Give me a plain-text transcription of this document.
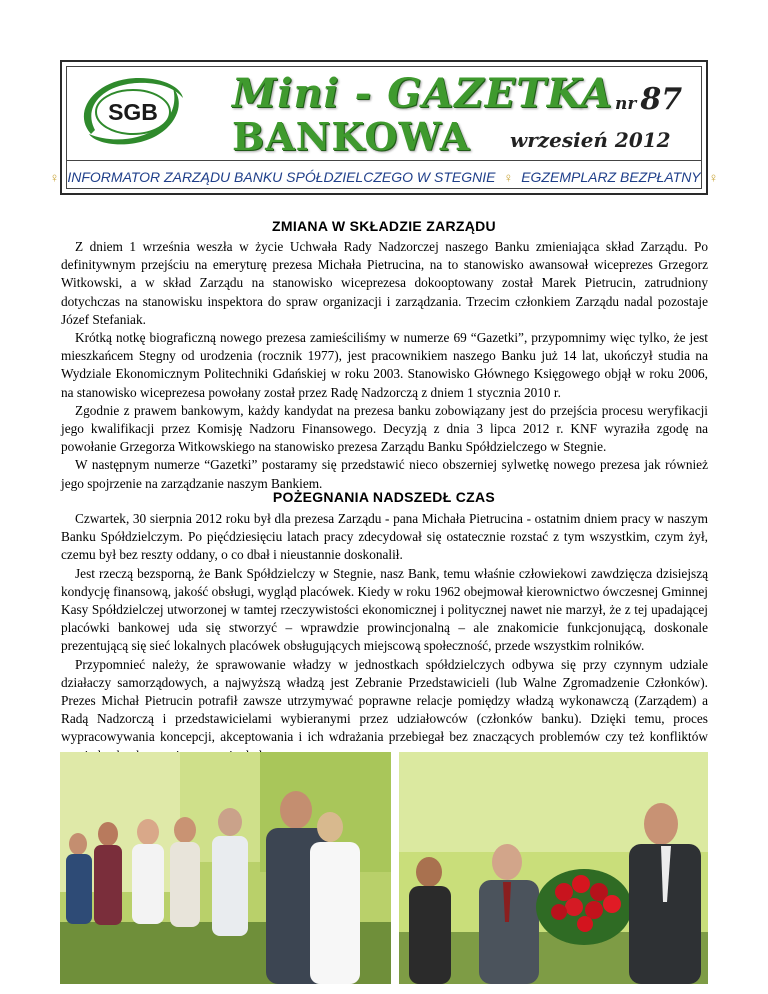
SGB Mini - GAZETKA
BANKOWA
nr 87
wrzesień 2012
♀ INFORMATOR ZARZĄDU BANKU SPÓŁDZIELCZEGO W STEGNIE ♀ EGZEMPLARZ BEZPŁATNY ♀
ZMIANA W SKŁADZIE ZARZĄDU

Z dniem 1 września weszła w życie Uchwała Rady Nadzorczej naszego Banku zmieniająca skład Zarządu. Po definitywnym przejściu na emeryturę prezesa Michała Pietrucina, na to stanowisko awansował wiceprezes Grzegorz Witkowski, a w skład Zarządu na stanowisko wiceprezesa dokooptowany został Marek Pietrucin, zatrudniony dotychczas na stanowisku inspektora do spraw organizacji i zarządzania. Trzecim członkiem Zarządu nadal pozostaje Józef Stefaniak.

Krótką notkę biograficzną nowego prezesa zamieściliśmy w numerze 69 “Gazetki”, przypomnimy więc tylko, że jest mieszkańcem Stegny od urodzenia (rocznik 1977), jest pracownikiem naszego Banku już 14 lat, ukończył studia na Wydziale Ekonomicznym Politechniki Gdańskiej w roku 2003. Stanowisko Głównego Księgowego objął w roku 2006, na stanowisko wiceprezesa powołany został przez Radę Nadzorczą z dniem 1 stycznia 2010 r.

Zgodnie z prawem bankowym, każdy kandydat na prezesa banku zobowiązany jest do przejścia procesu weryfikacji jego kwalifikacji przez Komisję Nadzoru Finansowego. Decyzją z dnia 3 lipca 2012 r. KNF wyraziła zgodę na powołanie Grzegorza Witkowskiego na stanowisko prezesa Zarządu Banku Spółdzielczego w Stegnie.

W następnym numerze “Gazetki” postaramy się przedstawić nieco obszerniej sylwetkę nowego prezesa jak również jego spojrzenie na zarządzanie naszym Bankiem.

POŻEGNANIA NADSZEDŁ CZAS

Czwartek, 30 sierpnia 2012 roku był dla prezesa Zarządu - pana Michała Pietrucina - ostatnim dniem pracy w naszym Banku Spółdzielczym. Po pięćdziesięciu latach pracy zdecydował się ostatecznie rozstać z tym wszystkim, czym żył, czemu był bez reszty oddany, o co dbał i nieustannie doskonalił.

Jest rzeczą bezsporną, że Bank Spółdzielczy w Stegnie, nasz Bank, temu właśnie człowiekowi zawdzięcza dzisiejszą kondycję finansową, jakość obsługi, wygląd placówek. Kiedy w roku 1962 obejmował kierownictwo ówczesnej Gminnej Kasy Spółdzielczej utworzonej w tamtej rzeczywistości ekonomicznej i politycznej nawet nie marzył, że z tej upadającej placówki bankowej uda się stworzyć – wprawdzie prowincjonalną – ale znakomicie funkcjonującą, doskonale prezentującą się sieć lokalnych placówek obsługujących miejscową społeczność, przede wszystkim rolników.

Przypomnieć należy, że sprawowanie władzy w jednostkach spółdzielczych odbywa się przy czynnym udziale działaczy samorządowych, a najwyższą władzą jest Zebranie Przedstawicieli (lub Walne Zgromadzenie Członków). Prezes Michał Pietrucin potrafił zawsze utrzymywać poprawne relacje pomiędzy władzą wykonawczą (Zarządem) a Radą Nadzorczą i przedstawicielami wybieranymi przez udziałowców (członków banku). Dzięki temu, proces wypracowywania koncepcji, akceptowania i ich wdrażania przebiegał bez znaczących problemów czy też konfliktów
